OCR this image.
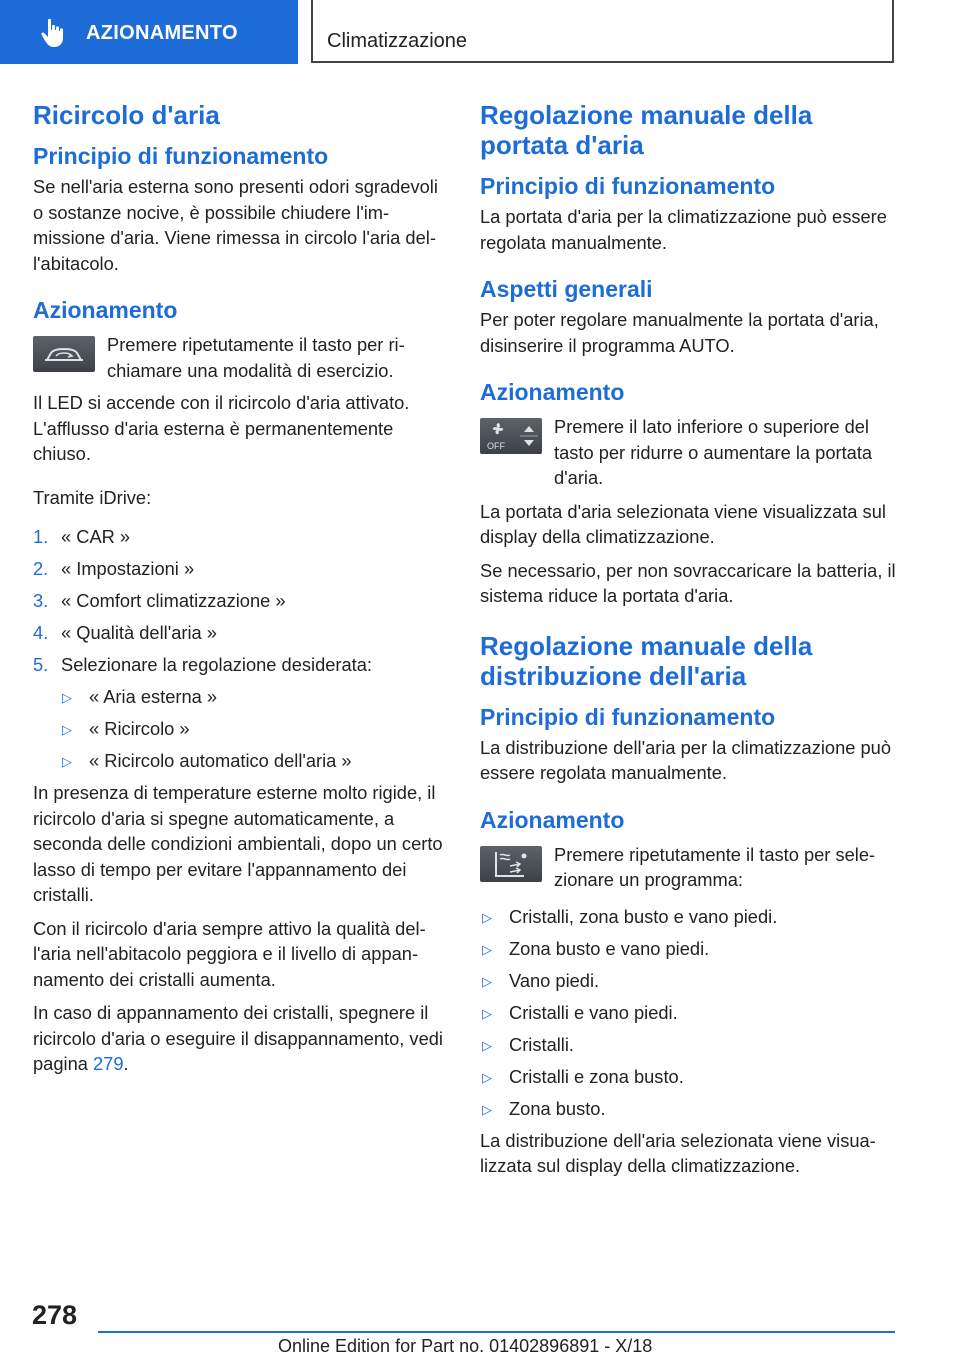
AZIONAMENTO	Climatizzazione
Ricircolo d'aria
Principio di funzionamento

Se nell'aria esterna sono presenti odori sgradevoli o sostanze nocive, è possibile chiudere l'immissione d'aria. Viene rimessa in circolo l'aria dell'abitacolo.

Azionamento

Premere ripetutamente il tasto per richiamare una modalità di esercizio.

Il LED si accende con il ricircolo d'aria attivato. L'afflusso d'aria esterna è permanentemente chiuso.

Tramite iDrive:

1. « CAR »
2. « Impostazioni »
3. « Comfort climatizzazione »
4. « Qualità dell'aria »
5. Selezionare la regolazione desiderata:
▷ « Aria esterna »
▷ « Ricircolo »
▷ « Ricircolo automatico dell'aria »

In presenza di temperature esterne molto rigide, il ricircolo d'aria si spegne automaticamente, a seconda delle condizioni ambientali, dopo un certo lasso di tempo per evitare l'appannamento dei cristalli.

Con il ricircolo d'aria sempre attivo la qualità dell'aria nell'abitacolo peggiora e il livello di appannamento dei cristalli aumenta.

In caso di appannamento dei cristalli, spegnere il ricircolo d'aria o eseguire il disappannamento, vedi pagina 279.

Regolazione manuale della portata d'aria
Principio di funzionamento

La portata d'aria per la climatizzazione può essere regolata manualmente.

Aspetti generali

Per poter regolare manualmente la portata d'aria, disinserire il programma AUTO.

Azionamento
OFF

Premere il lato inferiore o superiore del tasto per ridurre o aumentare la portata d'aria.

La portata d'aria selezionata viene visualizzata sul display della climatizzazione.

Se necessario, per non sovraccaricare la batteria, il sistema riduce la portata d'aria.

Regolazione manuale della distribuzione dell'aria
Principio di funzionamento

La distribuzione dell'aria per la climatizzazione può essere regolata manualmente.

Azionamento

Premere ripetutamente il tasto per selezionare un programma:

▷ Cristalli, zona busto e vano piedi.
▷ Zona busto e vano piedi.
▷ Vano piedi.
▷ Cristalli e vano piedi.
▷ Cristalli.
▷ Cristalli e zona busto.
▷ Zona busto.

La distribuzione dell'aria selezionata viene visualizzata sul display della climatizzazione.

278
Online Edition for Part no. 01402896891 - X/18
